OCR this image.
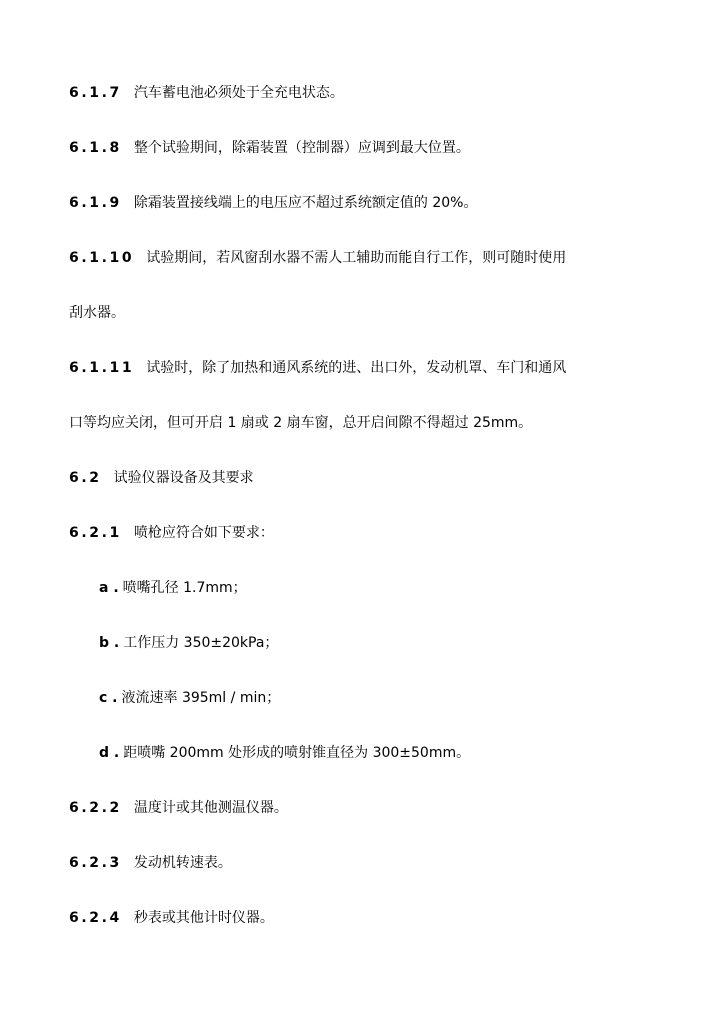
6.1.7 汽车蓄电池必须处于全充电状态。
6.1.8 整个试验期间，除霜装置（控制器）应调到最大位置。
6.1.9 除霜装置接线端上的电压应不超过系统额定值的 20%。
6.1.10 试验期间，若风窗刮水器不需人工辅助而能自行工作，则可随时使用
刮水器。
6.1.11 试验时，除了加热和通风系统的进、出口外，发动机罩、车门和通风
口等均应关闭，但可开启 1 扇或 2 扇车窗，总开启间隙不得超过 25mm。
6.2 试验仪器设备及其要求
6.2.1 喷枪应符合如下要求：
a . 喷嘴孔径 1.7mm；
b . 工作压力 350±20kPa；
c . 液流速率 395ml / min；
d . 距喷嘴 200mm 处形成的喷射锥直径为 300±50mm。
6.2.2 温度计或其他测温仪器。
6.2.3 发动机转速表。
6.2.4 秒表或其他计时仪器。
